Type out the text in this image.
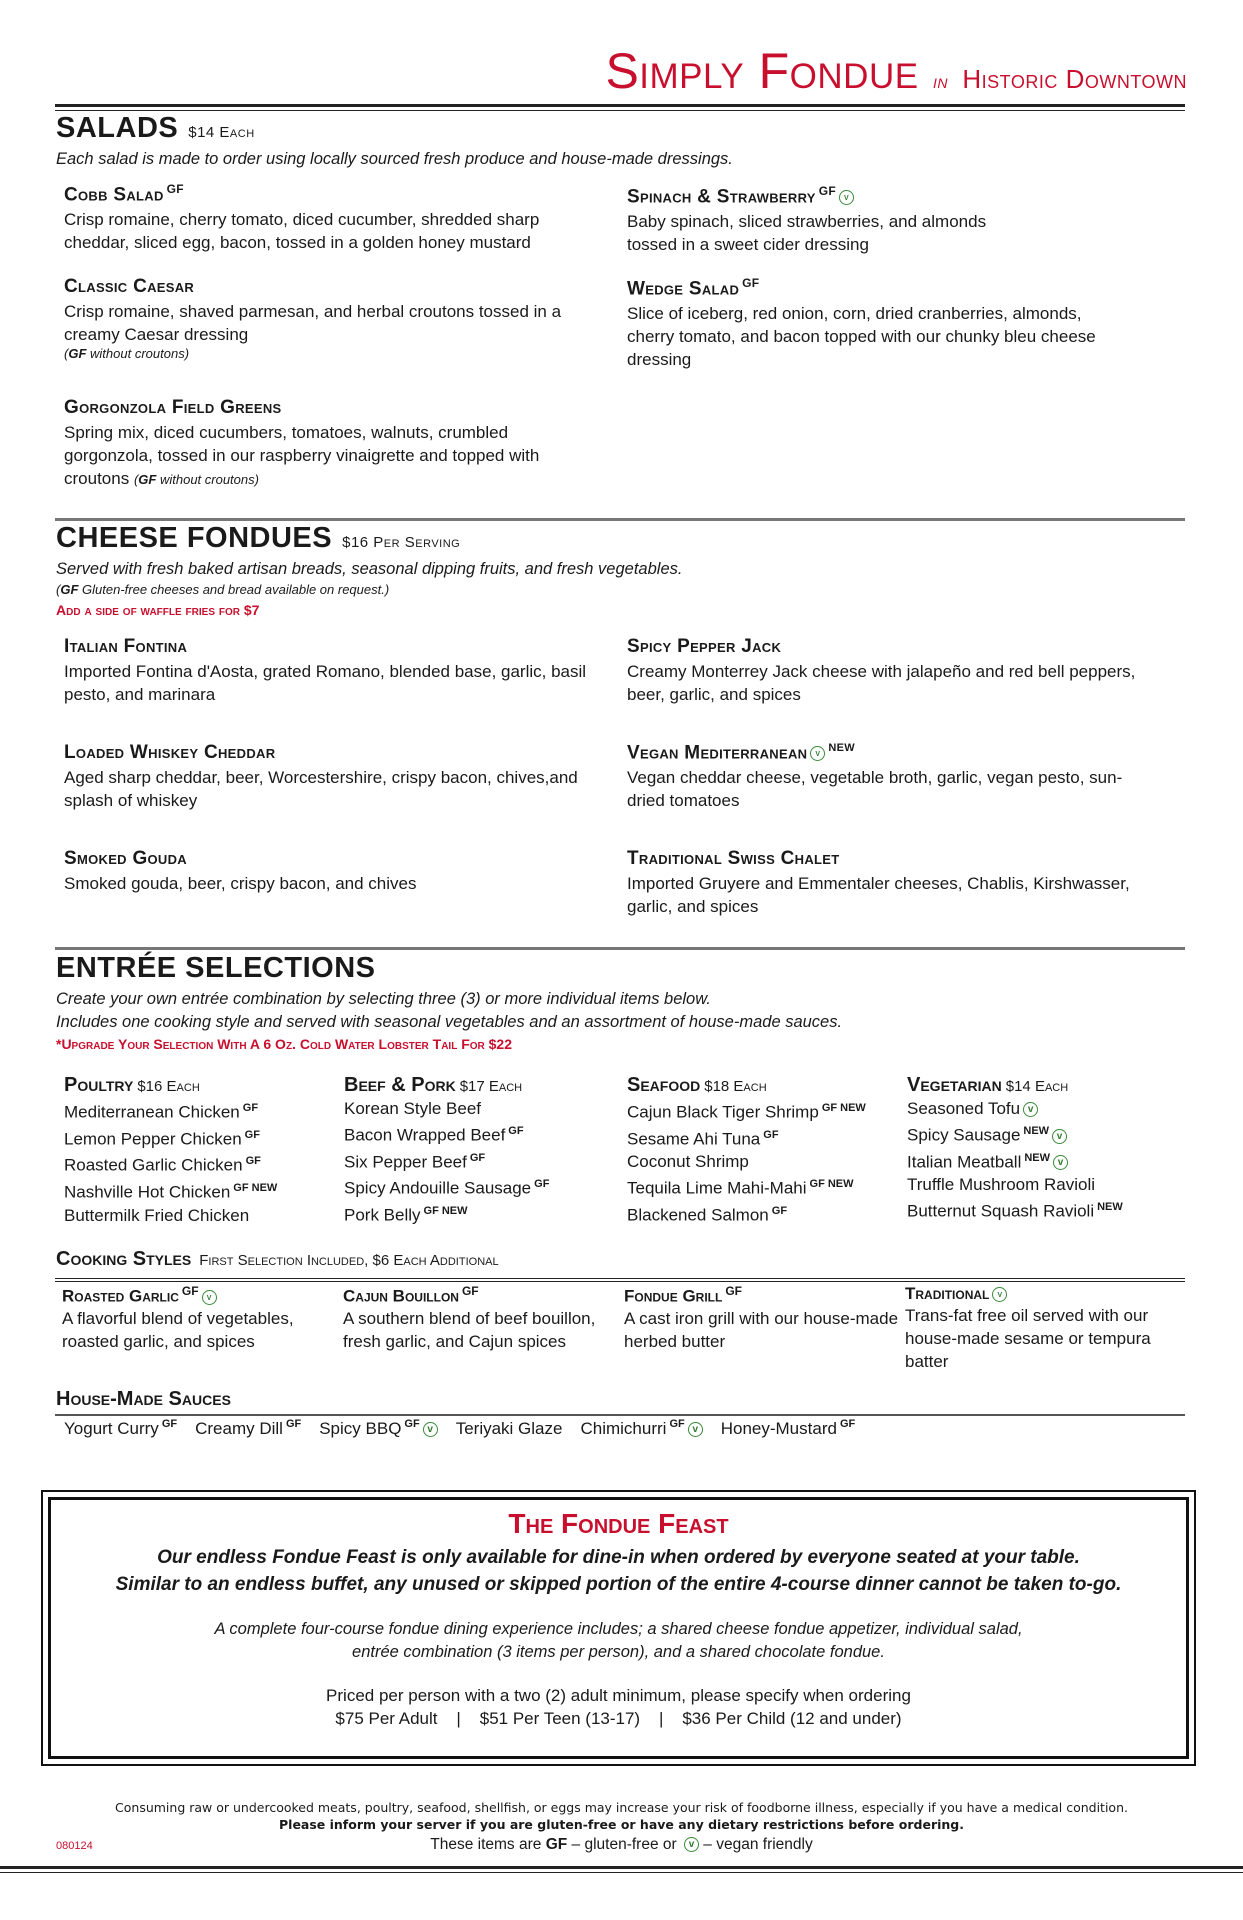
Simply Fondue in Historic Downtown
SALADS $14 Each
Each salad is made to order using locally sourced fresh produce and house-made dressings.
Cobb Salad $^{GF}$
Crisp romaine, cherry tomato, diced cucumber, shredded sharp cheddar, sliced egg, bacon, tossed in a golden honey mustard
Spinach & Strawberry $^{GF}$ v
Baby spinach, sliced strawberries, and almonds tossed in a sweet cider dressing
Classic Caesar
Crisp romaine, shaved parmesan, and herbal croutons tossed in a creamy Caesar dressing
(GF without croutons)
Wedge Salad $^{GF}$
Slice of iceberg, red onion, corn, dried cranberries, almonds, cherry tomato, and bacon topped with our chunky bleu cheese dressing
Gorgonzola Field Greens
Spring mix, diced cucumbers, tomatoes, walnuts, crumbled gorgonzola, tossed in our raspberry vinaigrette and topped with croutons (GF without croutons)
CHEESE FONDUES $16 Per Serving
Served with fresh baked artisan breads, seasonal dipping fruits, and fresh vegetables.
(GF Gluten-free cheeses and bread available on request.)
Add a side of waffle fries for $7
Italian Fontina
Imported Fontina d'Aosta, grated Romano, blended base, garlic, basil pesto, and marinara
Spicy Pepper Jack
Creamy Monterrey Jack cheese with jalapeño and red bell peppers, beer, garlic, and spices
Loaded Whiskey Cheddar
Aged sharp cheddar, beer, Worcestershire, crispy bacon, chives,and splash of whiskey
Vegan Mediterranean v $^{NEW}$
Vegan cheddar cheese, vegetable broth, garlic, vegan pesto, sun-dried tomatoes
Smoked Gouda
Smoked gouda, beer, crispy bacon, and chives
Traditional Swiss Chalet
Imported Gruyere and Emmentaler cheeses, Chablis, Kirshwasser, garlic, and spices
ENTRÉE SELECTIONS
Create your own entrée combination by selecting three (3) or more individual items below.
Includes one cooking style and served with seasonal vegetables and an assortment of house-made sauces.
*Upgrade Your Selection With A 6 Oz. Cold Water Lobster Tail For $22
Poultry $16 Each
Mediterranean Chicken $^{GF}$
Lemon Pepper Chicken $^{GF}$
Roasted Garlic Chicken $^{GF}$
Nashville Hot Chicken $^{GF NEW}$
Buttermilk Fried Chicken
Beef & Pork $17 Each
Korean Style Beef
Bacon Wrapped Beef $^{GF}$
Six Pepper Beef $^{GF}$
Spicy Andouille Sausage $^{GF}$
Pork Belly $^{GF NEW}$
Seafood $18 Each
Cajun Black Tiger Shrimp $^{GF NEW}$
Sesame Ahi Tuna $^{GF}$
Coconut Shrimp
Tequila Lime Mahi-Mahi $^{GF NEW}$
Blackened Salmon $^{GF}$
Vegetarian $14 Each
Seasoned Tofu v
Spicy Sausage $^{NEW}$ v
Italian Meatball $^{NEW}$ v
Truffle Mushroom Ravioli
Butternut Squash Ravioli $^{NEW}$
Cooking Styles First Selection Included, $6 Each Additional
Roasted Garlic $^{GF}$ v
A flavorful blend of vegetables, roasted garlic, and spices
Cajun Bouillon $^{GF}$
A southern blend of beef bouillon, fresh garlic, and Cajun spices
Fondue Grill $^{GF}$
A cast iron grill with our house-made herbed butter
Traditional v
Trans-fat free oil served with our house-made sesame or tempura batter
House-Made Sauces
Yogurt Curry $^{GF}$ Creamy Dill $^{GF}$ Spicy BBQ $^{GF}$ v Teriyaki Glaze Chimichurri $^{GF}$ v Honey-Mustard $^{GF}$
The Fondue Feast
Our endless Fondue Feast is only available for dine-in when ordered by everyone seated at your table.
Similar to an endless buffet, any unused or skipped portion of the entire 4-course dinner cannot be taken to-go.
A complete four-course fondue dining experience includes; a shared cheese fondue appetizer, individual salad,
entrée combination (3 items per person), and a shared chocolate fondue.
Priced per person with a two (2) adult minimum, please specify when ordering
$75 Per Adult | $51 Per Teen (13-17) | $36 Per Child (12 and under)
Consuming raw or undercooked meats, poultry, seafood, shellfish, or eggs may increase your risk of foodborne illness, especially if you have a medical condition.
Please inform your server if you are gluten-free or have any dietary restrictions before ordering.
These items are GF – gluten-free or v – vegan friendly
080124
